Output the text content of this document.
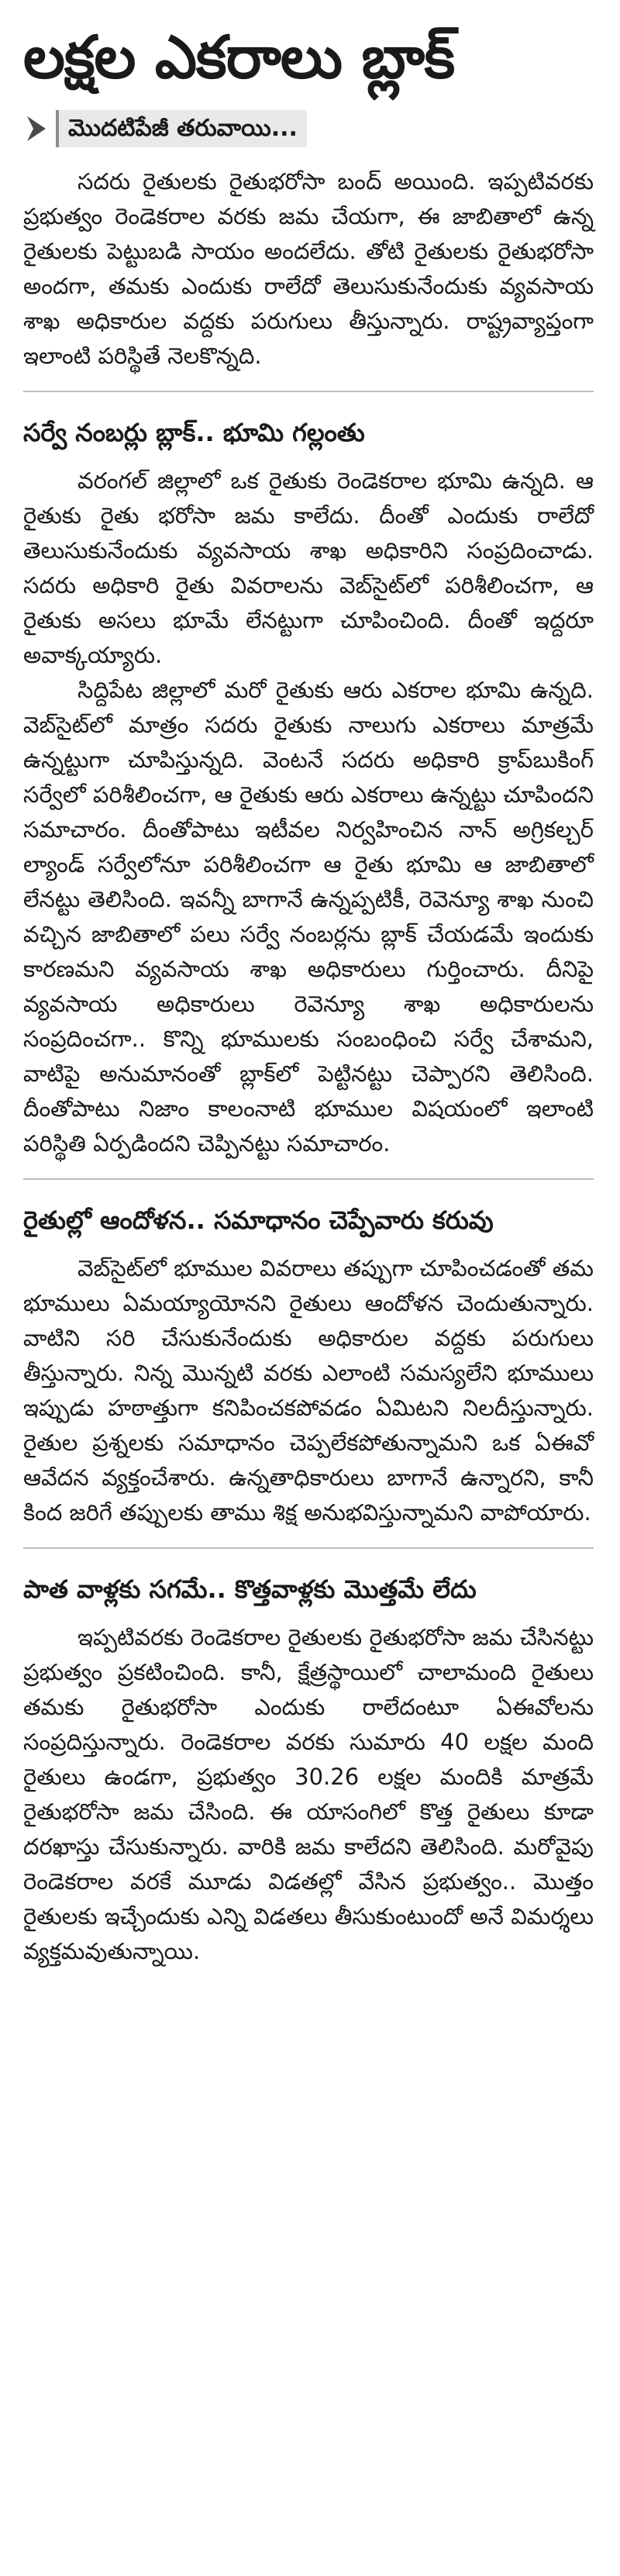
లక్షల ఎకరాలు బ్లాక్‌
మొదటిపేజీ తరువాయి...

సదరు రైతులకు రైతుభరోసా బంద్‌ అయింది. ఇప్పటివరకు ప్రభుత్వం రెండెకరాల వరకు జమ చేయగా, ఈ జాబితాలో ఉన్న రైతులకు పెట్టుబడి సాయం అందలేదు. తోటి రైతులకు రైతుభరోసా అందగా, తమకు ఎందుకు రాలేదో తెలుసుకునేందుకు వ్యవసాయ శాఖ అధికారుల వద్దకు పరుగులు తీస్తున్నారు. రాష్ట్రవ్యాప్తంగా ఇలాంటి పరిస్థితే నెలకొన్నది.

సర్వే నంబర్లు బ్లాక్‌.. భూమి గల్లంతు

వరంగల్‌ జిల్లాలో ఒక రైతుకు రెండెకరాల భూమి ఉన్నది. ఆ రైతుకు రైతు భరోసా జమ కాలేదు. దీంతో ఎందుకు రాలేదో తెలుసుకునేందుకు వ్యవసాయ శాఖ అధికారిని సంప్రదించాడు. సదరు అధికారి రైతు వివరాలను వెబ్‌సైట్‌లో పరిశీలించగా, ఆ రైతుకు అసలు భూమే లేనట్టుగా చూపించింది. దీంతో ఇద్దరూ అవాక్కయ్యారు.

సిద్దిపేట జిల్లాలో మరో రైతుకు ఆరు ఎకరాల భూమి ఉన్నది. వెబ్‌సైట్‌లో మాత్రం సదరు రైతుకు నాలుగు ఎకరాలు మాత్రమే ఉన్నట్టుగా చూపిస్తున్నది. వెంటనే సదరు అధికారి క్రాప్‌బుకింగ్‌ సర్వేలో పరిశీలించగా, ఆ రైతుకు ఆరు ఎకరాలు ఉన్నట్టు చూపిందని సమాచారం. దీంతోపాటు ఇటీవల నిర్వహించిన నాన్‌ అగ్రికల్చర్‌ ల్యాండ్‌ సర్వేలోనూ పరిశీలించగా ఆ రైతు భూమి ఆ జాబితాలో లేనట్టు తెలిసింది. ఇవన్నీ బాగానే ఉన్నప్పటికీ, రెవెన్యూ శాఖ నుంచి వచ్చిన జాబితాలో పలు సర్వే నంబర్లను బ్లాక్‌ చేయడమే ఇందుకు కారణమని వ్యవసాయ శాఖ అధికారులు గుర్తించారు. దీనిపై వ్యవసాయ అధికారులు రెవెన్యూ శాఖ అధికారులను సంప్రదించగా.. కొన్ని భూములకు సంబంధించి సర్వే చేశామని, వాటిపై అనుమానంతో బ్లాక్‌లో పెట్టినట్టు చెప్పారని తెలిసింది. దీంతోపాటు నిజాం కాలంనాటి భూముల విషయంలో ఇలాంటి పరిస్థితి ఏర్పడిందని చెప్పినట్టు సమాచారం.

రైతుల్లో ఆందోళన.. సమాధానం చెప్పేవారు కరువు

వెబ్‌సైట్‌లో భూముల వివరాలు తప్పుగా చూపించడంతో తమ భూములు ఏమయ్యాయోనని రైతులు ఆందోళన చెందుతున్నారు. వాటిని సరి చేసుకునేందుకు అధికారుల వద్దకు పరుగులు తీస్తున్నారు. నిన్న మొన్నటి వరకు ఎలాంటి సమస్యలేని భూములు ఇప్పుడు హఠాత్తుగా కనిపించకపోవడం ఏమిటని నిలదీస్తున్నారు. రైతుల ప్రశ్నలకు సమాధానం చెప్పలేకపోతున్నామని ఒక ఏఈవో ఆవేదన వ్యక్తంచేశారు. ఉన్నతాధికారులు బాగానే ఉన్నారని, కానీ కింద జరిగే తప్పులకు తాము శిక్ష అనుభవిస్తున్నామని వాపోయారు.

పాత వాళ్లకు సగమే.. కొత్తవాళ్లకు మొత్తమే లేదు

ఇప్పటివరకు రెండెకరాల రైతులకు రైతుభరోసా జమ చేసినట్టు ప్రభుత్వం ప్రకటించింది. కానీ, క్షేత్రస్థాయిలో చాలామంది రైతులు తమకు రైతుభరోసా ఎందుకు రాలేదంటూ ఏఈవోలను సంప్రదిస్తున్నారు. రెండెకరాల వరకు సుమారు 40 లక్షల మంది రైతులు ఉండగా, ప్రభుత్వం 30.26 లక్షల మందికి మాత్రమే రైతుభరోసా జమ చేసింది. ఈ యాసంగిలో కొత్త రైతులు కూడా దరఖాస్తు చేసుకున్నారు. వారికి జమ కాలేదని తెలిసింది. మరోవైపు రెండెకరాల వరకే మూడు విడతల్లో వేసిన ప్రభుత్వం.. మొత్తం రైతులకు ఇచ్చేందుకు ఎన్ని విడతలు తీసుకుంటుందో అనే విమర్శలు వ్యక్తమవుతున్నాయి.
